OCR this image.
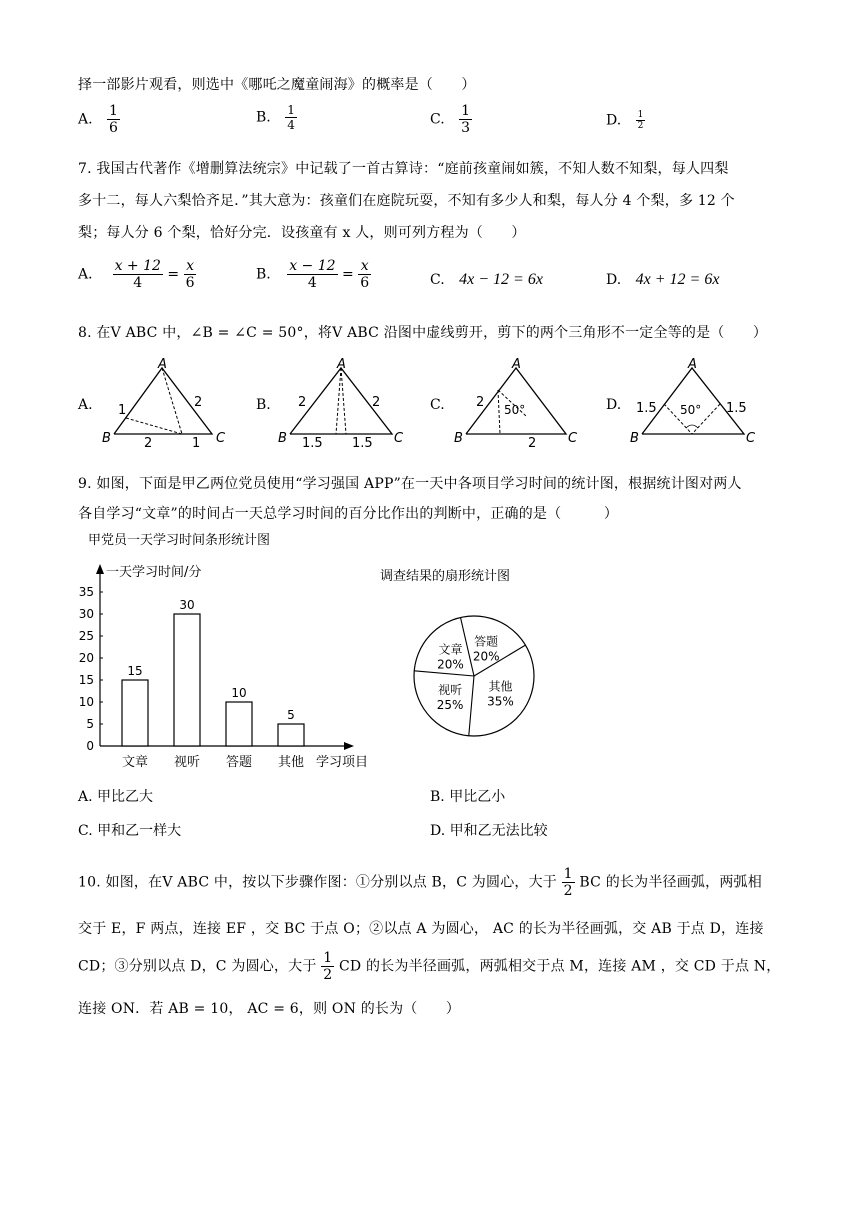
择一部影片观看，则选中《哪吒之魔童闹海》的概率是（　　）
A. $\frac{1}{6}$	B. $\frac{1}{4}$	C. $\frac{1}{3}$	D. $\frac{1}{2}$
7. 我国古代著作《增删算法统宗》中记载了一首古算诗：“庭前孩童闹如簇，不知人数不知梨，每人四梨
多十二，每人六梨恰齐足．”其大意为：孩童们在庭院玩耍，不知有多少人和梨，每人分 4 个梨，多 12 个
梨；每人分 6 个梨，恰好分完．设孩童有 x 人，则可列方程为（　　）
A． $\frac{x + 12}{4} = \frac{x}{6}$	B. $\frac{x - 12}{4} = \frac{x}{6}$	C. 4x − 12 = 6x	D. 4x + 12 = 6x
8. 在V ABC 中，∠B = ∠C = 50°，将V ABC 沿图中虚线剪开，剪下的两个三角形不一定全等的是（　　）
A.	B.	C.	D.
A
B	C
1
2
2	1
A
B	C
2	2
1.5 1.5
A
B	C
2 50°
2
A
B	C
1.5 50° 1.5
9. 如图，下面是甲乙两位党员使用“学习强国 APP”在一天中各项目学习时间的统计图，根据统计图对两人
各自学习“文章”的时间占一天总学习时间的百分比作出的判断中，正确的是（　　　）
甲党员一天学习时间条形统计图
一天学习时间/分
学习项目
0
5
10
15
20
25
30
35
15
文章
30
视听
10
答题
5
其他
调查结果的扇形统计图
文章
20%
答题
20%
其他
35%
视听
25%
A. 甲比乙大	B. 甲比乙小
C. 甲和乙一样大	D. 甲和乙无法比较
10. 如图，在V ABC 中，按以下步骤作图：①分别以点 B，C 为圆心，大于 $\frac{1}{2}$ BC 的长为半径画弧，两弧相
交于 E，F 两点，连接 EF ，交 BC 于点 O；②以点 A 为圆心， AC 的长为半径画弧，交 AB 于点 D，连接
CD；③分别以点 D，C 为圆心，大于 $\frac{1}{2}$ CD 的长为半径画弧，两弧相交于点 M，连接 AM ，交 CD 于点 N，
连接 ON．若 AB = 10， AC = 6，则 ON 的长为（　　）
